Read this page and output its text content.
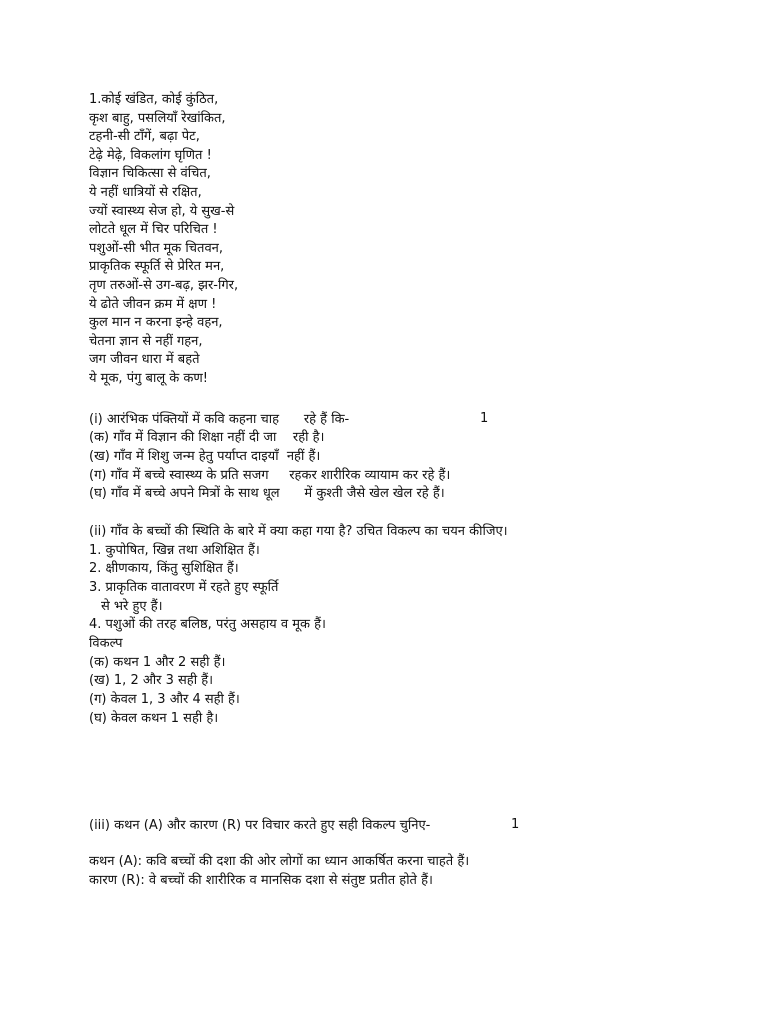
1.कोई खंडित, कोई कुंठित,
कृश बाहु, पसलियाँ रेखांकित,
टहनी-सी टाँगें, बढ़ा पेट,
टेढ़े मेढ़े, विकलांग घृणित !
विज्ञान चिकित्सा से वंचित,
ये नहीं धात्रियों से रक्षित,
ज्यों स्वास्थ्य सेज हो, ये सुख-से
लोटते धूल में चिर परिचित !
पशुओं-सी भीत मूक चितवन,
प्राकृतिक स्फूर्ति से प्रेरित मन,
तृण तरुओं-से उग-बढ़, झर-गिर,
ये ढोते जीवन क्रम में क्षण !
कुल मान न करना इन्हे वहन,
चेतना ज्ञान से नहीं गहन,
जग जीवन धारा में बहते
ये मूक, पंगु बालू के कण!
(i) आरंभिक पंक्तियों में कवि कहना चाह      रहे हैं कि-	1
(क) गाँव में विज्ञान की शिक्षा नहीं दी जा    रही है।
(ख) गाँव में शिशु जन्म हेतु पर्याप्त दाइयाँ  नहीं हैं।
(ग) गाँव में बच्चे स्वास्थ्य के प्रति सजग     रहकर शारीरिक व्यायाम कर रहे हैं।
(घ) गाँव में बच्चे अपने मित्रों के साथ धूल      में कुश्ती जैसे खेल खेल रहे हैं।
(ii) गाँव के बच्चों की स्थिति के बारे में क्या कहा गया है? उचित विकल्प का चयन कीजिए।
1. कुपोषित, खिन्न तथा अशिक्षित हैं।
2. क्षीणकाय, किंतु सुशिक्षित हैं।
3. प्राकृतिक वातावरण में रहते हुए स्फूर्ति
से भरे हुए हैं।
4. पशुओं की तरह बलिष्ठ, परंतु असहाय व मूक हैं।
विकल्प
(क) कथन 1 और 2 सही हैं।
(ख) 1, 2 और 3 सही हैं।
(ग) केवल 1, 3 और 4 सही हैं।
(घ) केवल कथन 1 सही है।
(iii) कथन (A) और कारण (R) पर विचार करते हुए सही विकल्प चुनिए-	1
कथन (A): कवि बच्चों की दशा की ओर लोगों का ध्यान आकर्षित करना चाहते हैं।
कारण (R): वे बच्चों की शारीरिक व मानसिक दशा से संतुष्ट प्रतीत होते हैं।
